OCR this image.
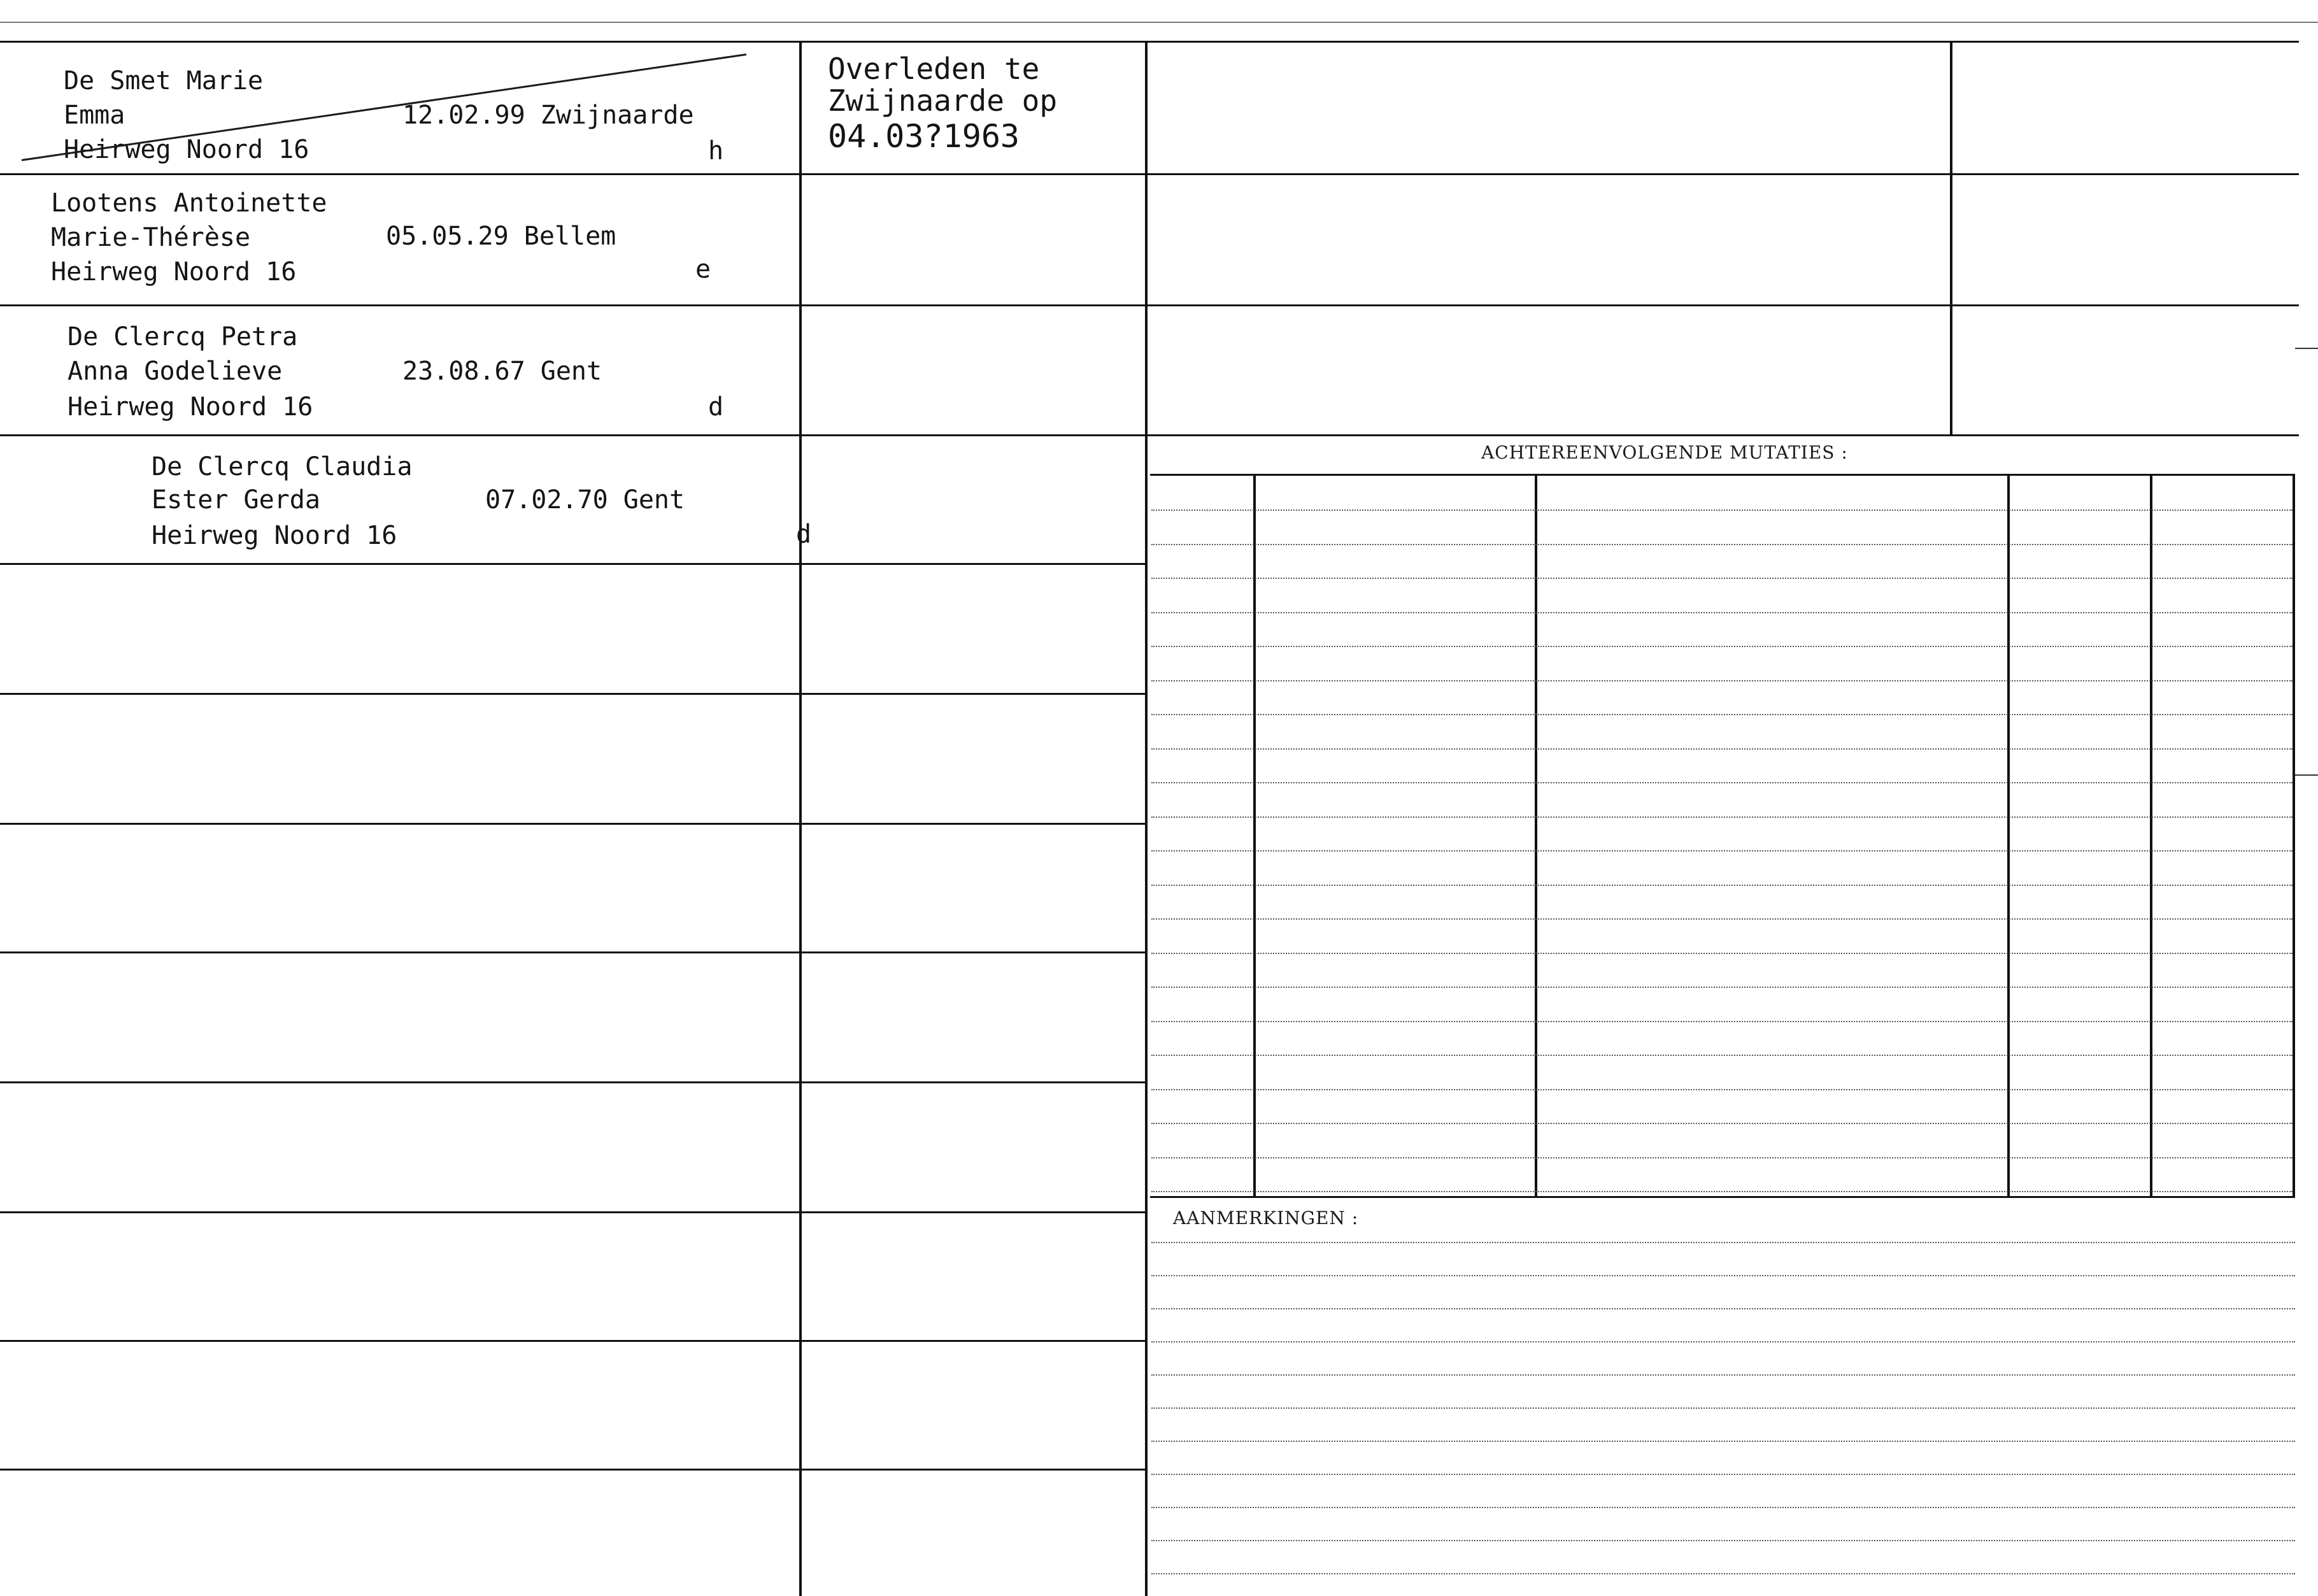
ACHTEREENVOLGENDE MUTATIES :
AANMERKINGEN :
De Smet Marie
Emma
Heirweg Noord 16
12.02.99 Zwijnaarde
h
Lootens Antoinette
Marie-Thérèse
Heirweg Noord 16
05.05.29 Bellem
e
De Clercq Petra
Anna Godelieve
Heirweg Noord 16
23.08.67 Gent
d
De Clercq Claudia
Ester Gerda
Heirweg Noord 16
07.02.70 Gent
d
Overleden te
Zwijnaarde op
04.03?1963
